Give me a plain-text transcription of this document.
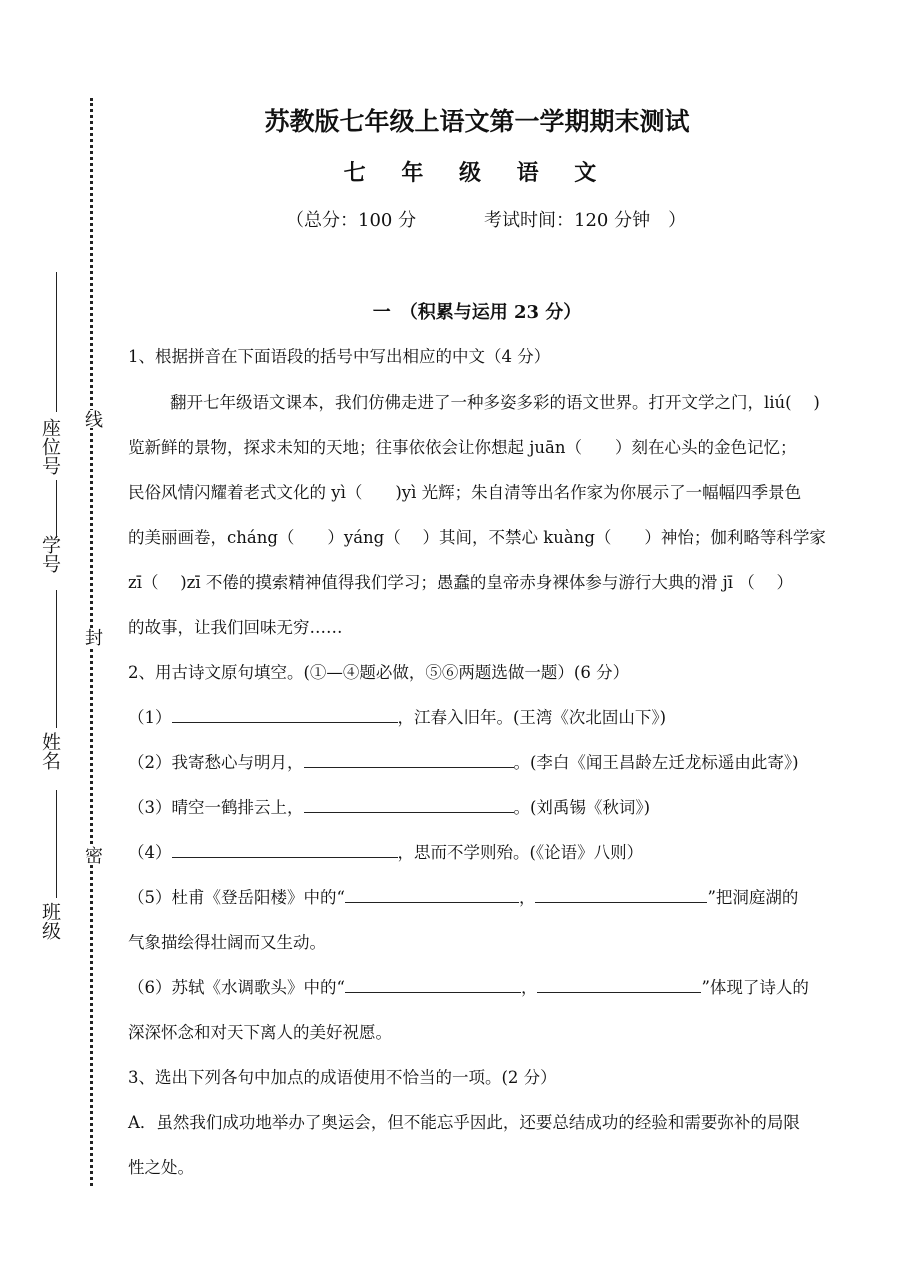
线
封
密
座位号
学号
姓名
班级
苏教版七年级上语文第一学期期末测试
七 年 级 语 文
（总分：100 分	考试时间：120 分钟　）
一　（积累与运用 23 分）
1、根据拼音在下面语段的括号中写出相应的中文（4 分）
翻开七年级语文课本，我们仿佛走进了一种多姿多彩的语文世界。打开文学之门，liú(　 )
览新鲜的景物，探求未知的天地；往事依依会让你想起 juān（　　）刻在心头的金色记忆；
民俗风情闪耀着老式文化的 yì（　　)yì 光辉；朱自清等出名作家为你展示了一幅幅四季景色
的美丽画卷，cháng（　　）yáng（　 ）其间，不禁心 kuàng（　　）神怡；伽利略等科学家
zī（　 )zī 不倦的摸索精神值得我们学习；愚蠢的皇帝赤身裸体参与游行大典的滑 jī （　 ）
的故事，让我们回味无穷……
2、用古诗文原句填空。(①—④题必做，⑤⑥两题选做一题）(6 分）
（1）	，江春入旧年。(王湾《次北固山下》)
（2）我寄愁心与明月，	。(李白《闻王昌龄左迁龙标遥由此寄》)
（3）晴空一鹤排云上，	。(刘禹锡《秋词》)
（4）	，思而不学则殆。(《论语》八则）
（5）杜甫《登岳阳楼》中的“	，	”把洞庭湖的
气象描绘得壮阔而又生动。
（6）苏轼《水调歌头》中的“	，	”体现了诗人的
深深怀念和对天下离人的美好祝愿。
3、选出下列各句中加点的成语使用不恰当的一项。(2 分）
A．虽然我们成功地举办了奥运会，但不能忘乎因此，还要总结成功的经验和需要弥补的局限
性之处。
